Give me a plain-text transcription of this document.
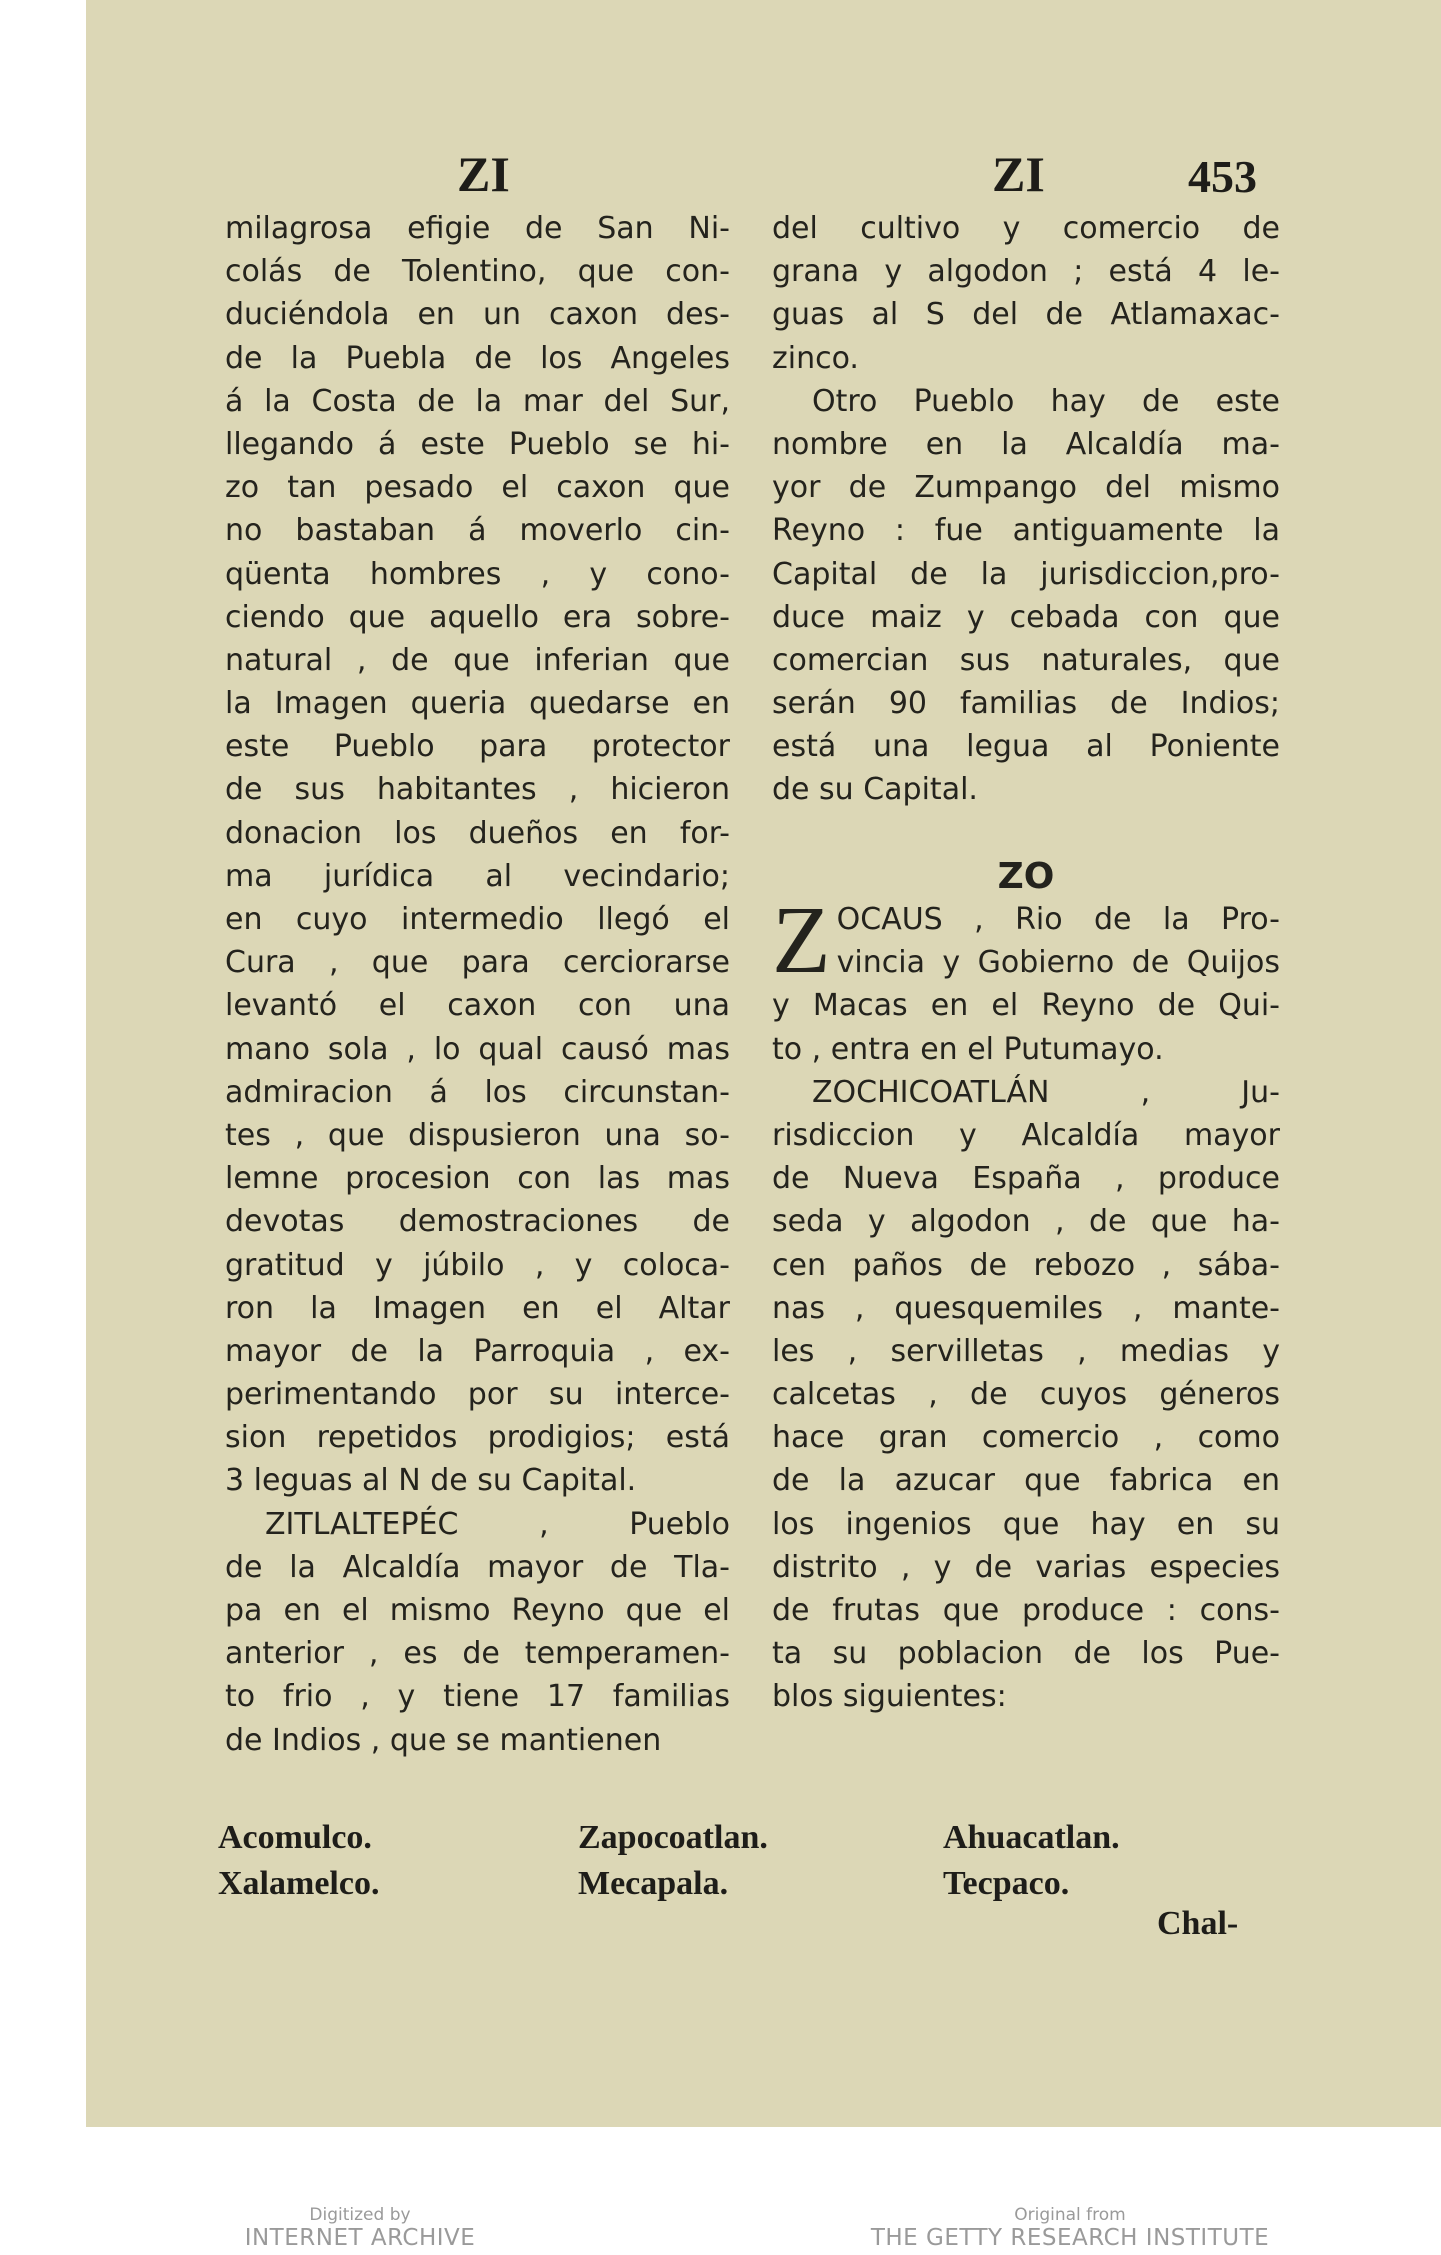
ZI	ZI	453
milagrosa efigie de San Ni-
colás de Tolentino, que con-
duciéndola en un caxon des-
de la Puebla de los Angeles
á la Costa de la mar del Sur,
llegando á este Pueblo se hi-
zo tan pesado el caxon que
no bastaban á moverlo cin-
qüenta hombres , y cono-
ciendo que aquello era sobre-
natural , de que inferian que
la Imagen queria quedarse en
este Pueblo para protector
de sus habitantes , hicieron
donacion los dueños en for-
ma jurídica al vecindario;
en cuyo intermedio llegó el
Cura , que para cerciorarse
levantó el caxon con una
mano sola , lo qual causó mas
admiracion á los circunstan-
tes , que dispusieron una so-
lemne procesion con las mas
devotas demostraciones de
gratitud y júbilo , y coloca-
ron la Imagen en el Altar
mayor de la Parroquia , ex-
perimentando por su interce-
sion repetidos prodigios; está
3 leguas al N de su Capital.
ZITLALTEPÉC , Pueblo
de la Alcaldía mayor de Tla-
pa en el mismo Reyno que el
anterior , es de temperamen-
to frio , y tiene 17 familias
de Indios , que se mantienen
del cultivo y comercio de
grana y algodon ; está 4 le-
guas al S del de Atlamaxac-
zinco.
Otro Pueblo hay de este
nombre en la Alcaldía ma-
yor de Zumpango del mismo
Reyno : fue antiguamente la
Capital de la jurisdiccion,pro-
duce maiz y cebada con que
comercian sus naturales, que
serán 90 familias de Indios;
está una legua al Poniente
de su Capital.
ZO
Z OCAUS , Rio de la Pro-
vincia y Gobierno de Quijos
y Macas en el Reyno de Qui-
to , entra en el Putumayo.
ZOCHICOATLÁN , Ju-
risdiccion y Alcaldía mayor
de Nueva España , produce
seda y algodon , de que ha-
cen paños de rebozo , sába-
nas , quesquemiles , mante-
les , servilletas , medias y
calcetas , de cuyos géneros
hace gran comercio , como
de la azucar que fabrica en
los ingenios que hay en su
distrito , y de varias especies
de frutas que produce : cons-
ta su poblacion de los Pue-
blos siguientes:
Acomulco.	Zapocoatlan.	Ahuacatlan.
Xalamelco.	Mecapala.	Tecpaco.
Chal-
Digitized by
INTERNET ARCHIVE
Original from
THE GETTY RESEARCH INSTITUTE
